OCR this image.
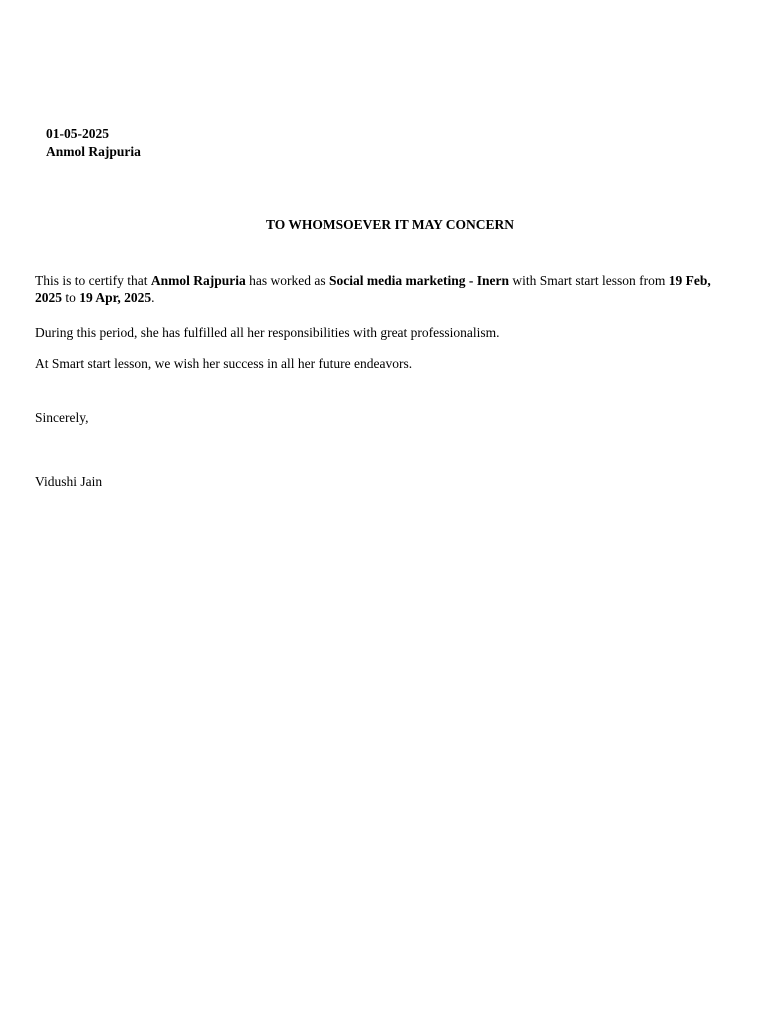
01-05-2025
Anmol Rajpuria
TO WHOMSOEVER IT MAY CONCERN
This is to certify that Anmol Rajpuria has worked as Social media marketing - Inern with Smart start lesson from 19 Feb, 2025 to 19 Apr, 2025.
During this period, she has fulfilled all her responsibilities with great professionalism.
At Smart start lesson, we wish her success in all her future endeavors.
Sincerely,
Vidushi Jain
